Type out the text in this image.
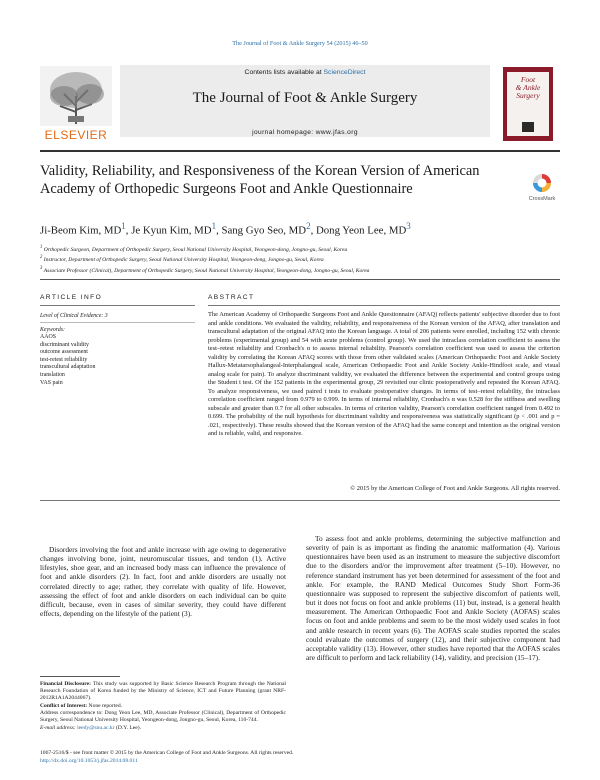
The Journal of Foot & Ankle Surgery 54 (2015) 46–50
ELSEVIER
Contents lists available at ScienceDirect
The Journal of Foot & Ankle Surgery
journal homepage: www.jfas.org
Foot
& Ankle
Surgery
Validity, Reliability, and Responsiveness of the Korean Version of American Academy of Orthopedic Surgeons Foot and Ankle Questionnaire
CrossMark
Ji-Beom Kim, $MD^1$, Je Kyun Kim, $MD^1$, Sang Gyo Seo, $MD^2$, Dong Yeon Lee, $MD^3$
$^1$ Orthopedic Surgeon, Department of Orthopedic Surgery, Seoul National University Hospital, Yeongeon-dong, Jongno-gu, Seoul, Korea
$^2$ Instructor, Department of Orthopedic Surgery, Seoul National University Hospital, Yeongeon-dong, Jongno-gu, Seoul, Korea
$^3$ Associate Professor (Clinical), Department of Orthopedic Surgery, Seoul National University Hospital, Yeongeon-dong, Jongno-gu, Seoul, Korea
ARTICLE INFO	ABSTRACT
Level of Clinical Evidence: 3
Keywords:
AAOS
discriminant validity
outcome assessment
test-retest reliability
transcultural adaptation
translation
VAS pain
The American Academy of Orthopaedic Surgeons Foot and Ankle Questionnaire (AFAQ) reflects patients' subjective disorder due to foot and ankle conditions. We evaluated the validity, reliability, and responsiveness of the Korean version of the AFAQ, after translation and transcultural adaptation of the original AFAQ into the Korean language. A total of 206 patients were enrolled, including 152 with chronic problems (experimental group) and 54 with acute problems (control group). We used the intraclass correlation coefficient to assess the test–retest reliability and Cronbach's α to assess internal reliability. Pearson's correlation coefficient was used to assess the criterion validity by correlating the Korean AFAQ scores with those from other validated scales (American Orthopaedic Foot and Ankle Society Hallux-Metatarsophalangeal-Interphalangeal scale, American Orthopaedic Foot and Ankle Society Ankle-Hindfoot scale, and visual analog scale for pain). To analyze discriminant validity, we evaluated the difference between the experimental and control groups using the Student t test. Of the 152 patients in the experimental group, 29 revisited our clinic postoperatively and repeated the Korean AFAQ. To analyze responsiveness, we used paired t tests to evaluate postoperative changes. In terms of test–retest reliability, the intraclass correlation coefficient ranged from 0.979 to 0.999. In terms of internal reliability, Cronbach's α was 0.528 for the stiffness and swelling subscale and greater than 0.7 for all other subscales. In terms of criterion validity, Pearson's correlation coefficient ranged from 0.492 to 0.699. The probability of the null hypothesis for discriminant validity and responsiveness was statistically significant (p < .001 and p = .021, respectively). These results showed that the Korean version of the AFAQ had the same concept and intention as the original version and is reliable, valid, and responsive.
© 2015 by the American College of Foot and Ankle Surgeons. All rights reserved.
Disorders involving the foot and ankle increase with age owing to degenerative changes involving bone, joint, neuromuscular tissues, and tendon (1). Active lifestyles, shoe gear, and an increased body mass can influence the prevalence of foot and ankle disorders (2). In fact, foot and ankle disorders are usually not correlated directly to age; rather, they correlate with quality of life. However, assessing the effect of foot and ankle disorders on each individual can be quite difficult, because, even in cases of similar severity, they could have different effects, depending on the lifestyle of the patient (3).
To assess foot and ankle problems, determining the subjective malfunction and severity of pain is as important as finding the anatomic malformation (4). Various questionnaires have been used as an instrument to measure the subjective discomfort due to the disorders and/or the improvement after treatment (5–10). However, no reference standard instrument has yet been determined for assessment of the foot and ankle. For example, the RAND Medical Outcomes Study Short Form-36 questionnaire was supposed to represent the subjective discomfort of patients well, but it does not focus on foot and ankle problems (11) but, instead, is a general health measurement. The American Orthopaedic Foot and Ankle Society (AOFAS) scales focus on foot and ankle problems and seem to be the most widely used scales in foot and ankle research in recent years (6). The AOFAS scale studies reported the scales could evaluate the outcomes of surgery (12), and their subjective component had acceptable validity (13). However, other studies have reported that the AOFAS scales are difficult to perform and lack reliability (14), validity, and precision (15–17).

Financial Disclosure: This study was supported by Basic Science Research Program through the National Research Foundation of Korea funded by the Ministry of Science, ICT and Future Planning (grant NRF-2012R1A1A2044067).

Conflict of Interest: None reported.

Address correspondence to: Dong Yeon Lee, MD, Associate Professor (Clinical), Department of Orthopedic Surgery, Seoul National University Hospital, Yeongeon-dong, Jongno-gu, Seoul, Korea, 110-744.

E-mail address: leedy@snu.ac.kr (D.Y. Lee).

1067-2516/$ - see front matter © 2015 by the American College of Foot and Ankle Surgeons. All rights reserved.
http://dx.doi.org/10.1053/j.jfas.2014.08.011
